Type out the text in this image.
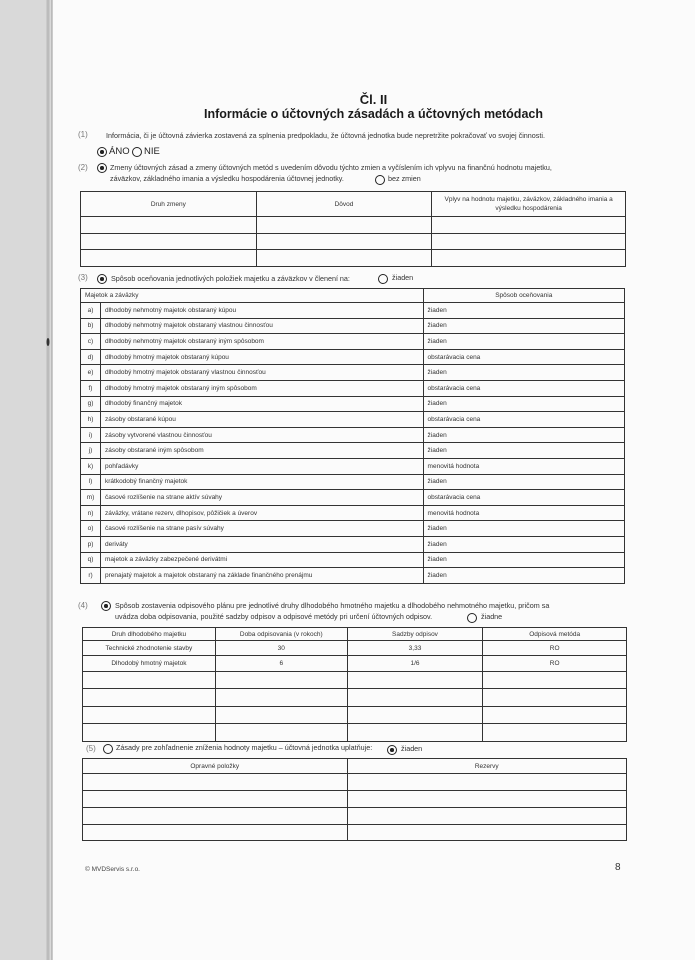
Čl. II
Informácie o účtovných zásadách a účtovných metódach
(1)	Informácia, či je účtovná závierka zostavená za splnenia predpokladu, že účtovná jednotka bude nepretržite pokračovať vo svojej činnosti.
ÁNO NIE
(2)	Zmeny účtovných zásad a zmeny účtovných metód s uvedením dôvodu týchto zmien a vyčíslením ich vplyvu na finančnú hodnotu majetku,
záväzkov, základného imania a výsledku hospodárenia účtovnej jednotky.	bez zmien
Druh zmeny	Dôvod	Vplyv na hodnotu majetku, záväzkov, základného imania a výsledku hospodárenia

(3)	Spôsob oceňovania jednotlivých položiek majetku a záväzkov v členení na:	žiaden
Majetok a záväzky		Spôsob oceňovania
a)	dlhodobý nehmotný majetok obstaraný kúpou	žiaden
b)	dlhodobý nehmotný majetok obstaraný vlastnou činnosťou	žiaden
c)	dlhodobý nehmotný majetok obstaraný iným spôsobom	žiaden
d)	dlhodobý hmotný majetok obstaraný kúpou	obstarávacia cena
e)	dlhodobý hmotný majetok obstaraný vlastnou činnosťou	žiaden
f)	dlhodobý hmotný majetok obstaraný iným spôsobom	obstarávacia cena
g)	dlhodobý finančný majetok	žiaden
h)	zásoby obstarané kúpou	obstarávacia cena
i)	zásoby vytvorené vlastnou činnosťou	žiaden
j)	zásoby obstarané iným spôsobom	žiaden
k)	pohľadávky	menovitá hodnota
l)	krátkodobý finančný majetok	žiaden
m)	časové rozlíšenie na strane aktív súvahy	obstarávacia cena
n)	záväzky, vrátane rezerv, dlhopisov, pôžičiek a úverov	menovitá hodnota
o)	časové rozlíšenie na strane pasív súvahy	žiaden
p)	deriváty	žiaden
q)	majetok a záväzky zabezpečené derivátmi	žiaden
r)	prenajatý majetok a majetok obstaraný na základe finančného prenájmu	žiaden
(4)	Spôsob zostavenia odpisového plánu pre jednotlivé druhy dlhodobého hmotného majetku a dlhodobého nehmotného majetku, pričom sa
uvádza doba odpisovania, použité sadzby odpisov a odpisové metódy pri určení účtovných odpisov.	žiadne
Druh dlhodobého majetku	Doba odpisovania (v rokoch)	Sadzby odpisov	Odpisová metóda
Technické zhodnotenie stavby	30	3,33	RO
Dlhodobý hmotný majetok	6	1/6	RO

(5)	Zásady pre zohľadnenie zníženia hodnoty majetku – účtovná jednotka uplatňuje:	žiaden
Opravné položky	Rezervy

© MVDServis s.r.o.	8
